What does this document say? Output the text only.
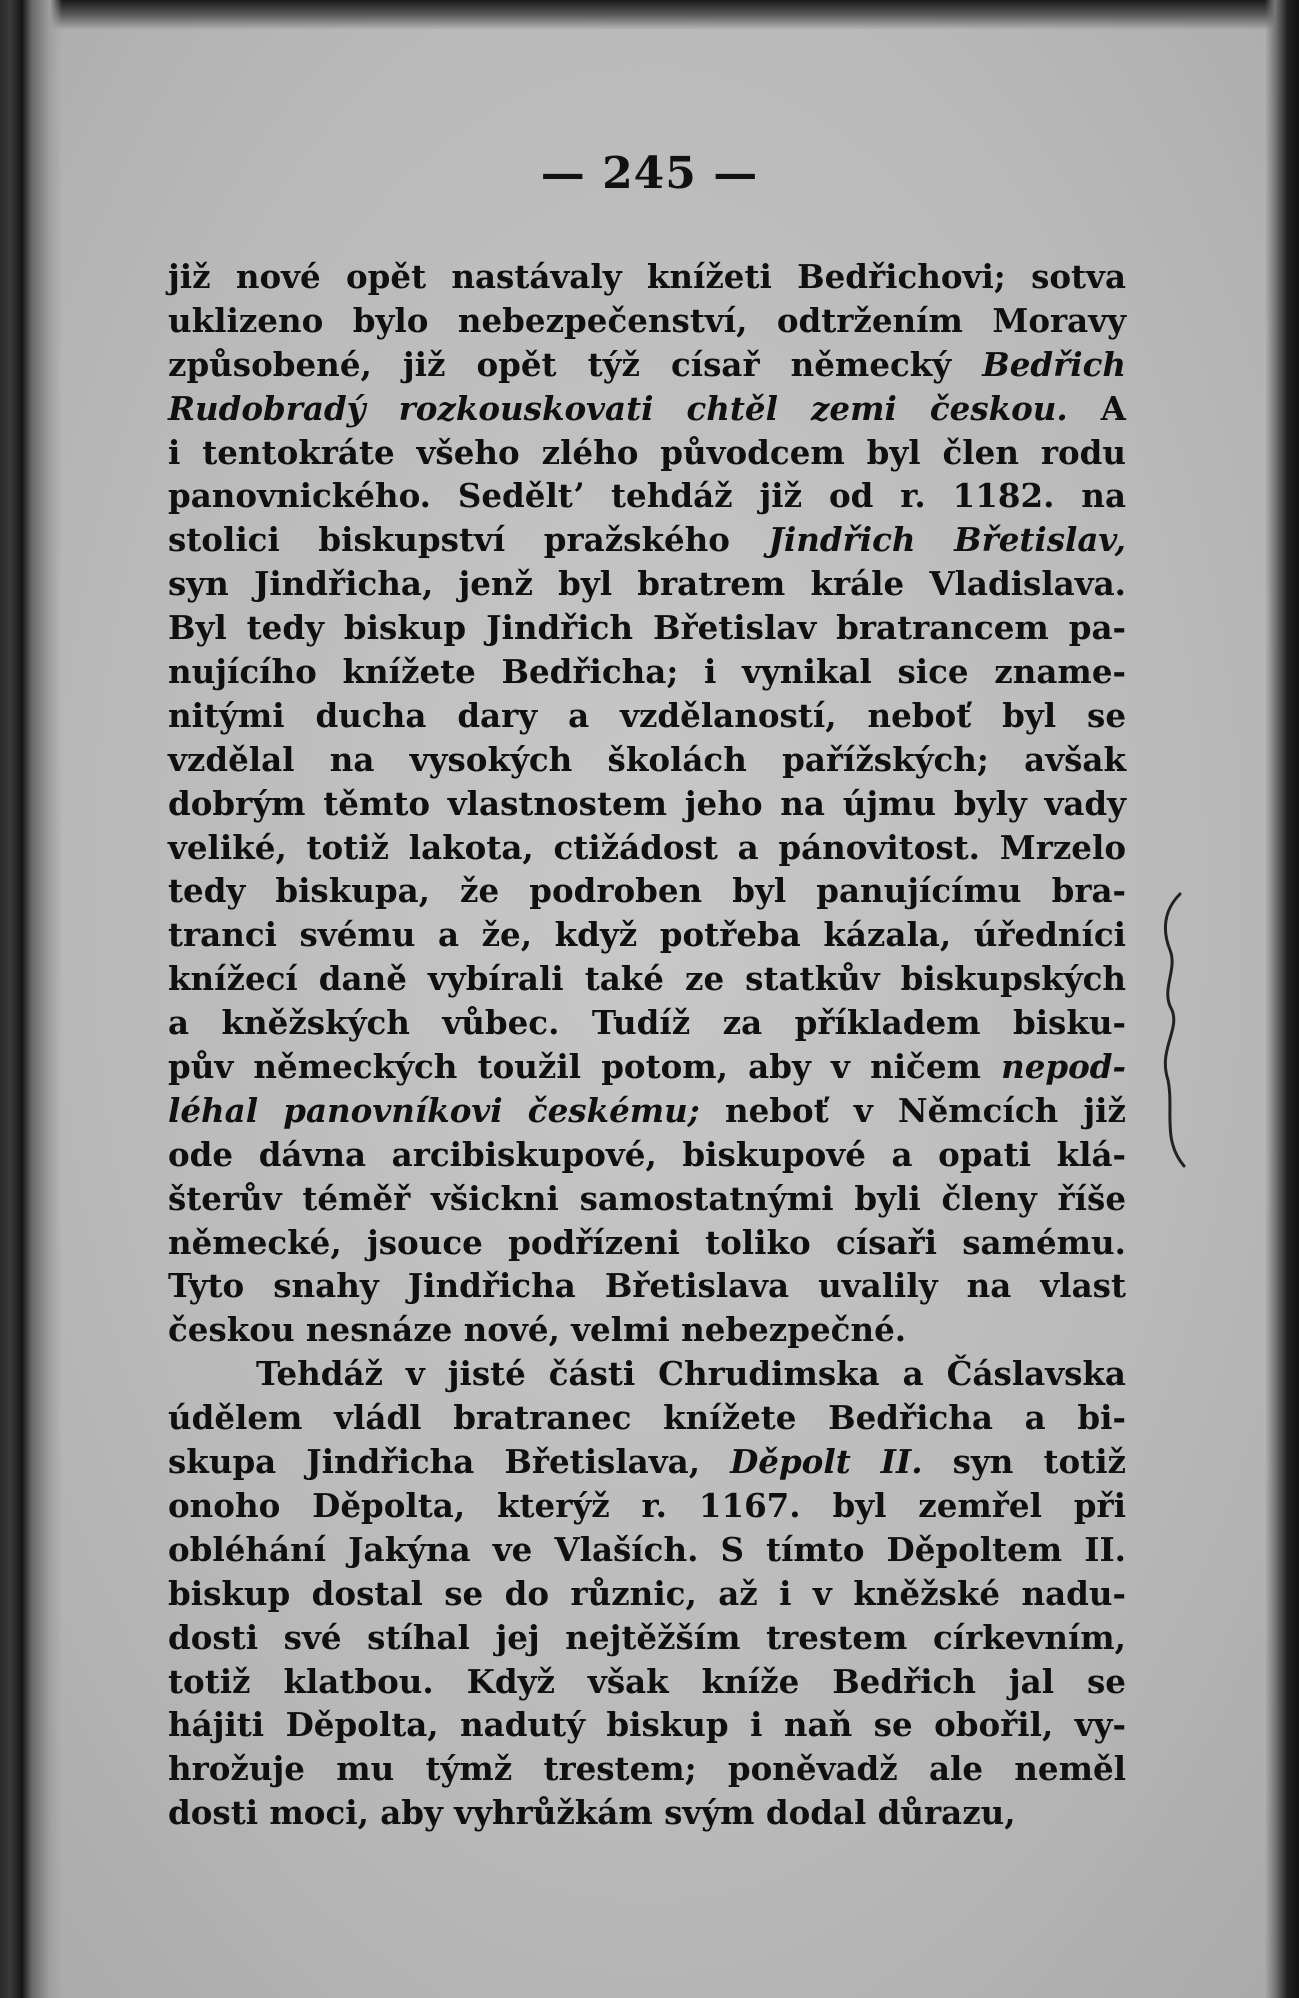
— 245 —
již nové opět nastávaly knížeti Bedřichovi; sotva
uklizeno bylo nebezpečenství, odtržením Moravy
způsobené, již opět týž císař německý Bedřich
Rudobradý rozkouskovati chtěl zemi českou. A
i tentokráte všeho zlého původcem byl člen rodu
panovnického. Seděltʼ tehdáž již od r. 1182. na
stolici biskupství pražského Jindřich Břetislav,
syn Jindřicha, jenž byl bratrem krále Vladislava.
Byl tedy biskup Jindřich Břetislav bratrancem pa-
nujícího knížete Bedřicha; i vynikal sice zname-
nitými ducha dary a vzdělaností, neboť byl se
vzdělal na vysokých školách pařížských; avšak
dobrým těmto vlastnostem jeho na újmu byly vady
veliké, totiž lakota, ctižádost a pánovitost. Mrzelo
tedy biskupa, že podroben byl panujícímu bra-
tranci svému a že, když potřeba kázala, úředníci
knížecí daně vybírali také ze statkův biskupských
a kněžských vůbec. Tudíž za příkladem bisku-
pův německých toužil potom, aby v ničem nepod-
léhal panovníkovi českému; neboť v Němcích již
ode dávna arcibiskupové, biskupové a opati klá-
šterův téměř všickni samostatnými byli členy říše
německé, jsouce podřízeni toliko císaři samému.
Tyto snahy Jindřicha Břetislava uvalily na vlast
českou nesnáze nové, velmi nebezpečné.
Tehdáž v jisté části Chrudimska a Čáslavska
údělem vládl bratranec knížete Bedřicha a bi-
skupa Jindřicha Břetislava, Děpolt II. syn totiž
onoho Děpolta, kterýž r. 1167. byl zemřel při
obléhání Jakýna ve Vlaších. S tímto Děpoltem II.
biskup dostal se do různic, až i v kněžské nadu-
dosti své stíhal jej nejtěžším trestem církevním,
totiž klatbou. Když však kníže Bedřich jal se
hájiti Děpolta, nadutý biskup i naň se obořil, vy-
hrožuje mu týmž trestem; poněvadž ale neměl
dosti moci, aby vyhrůžkám svým dodal důrazu,
